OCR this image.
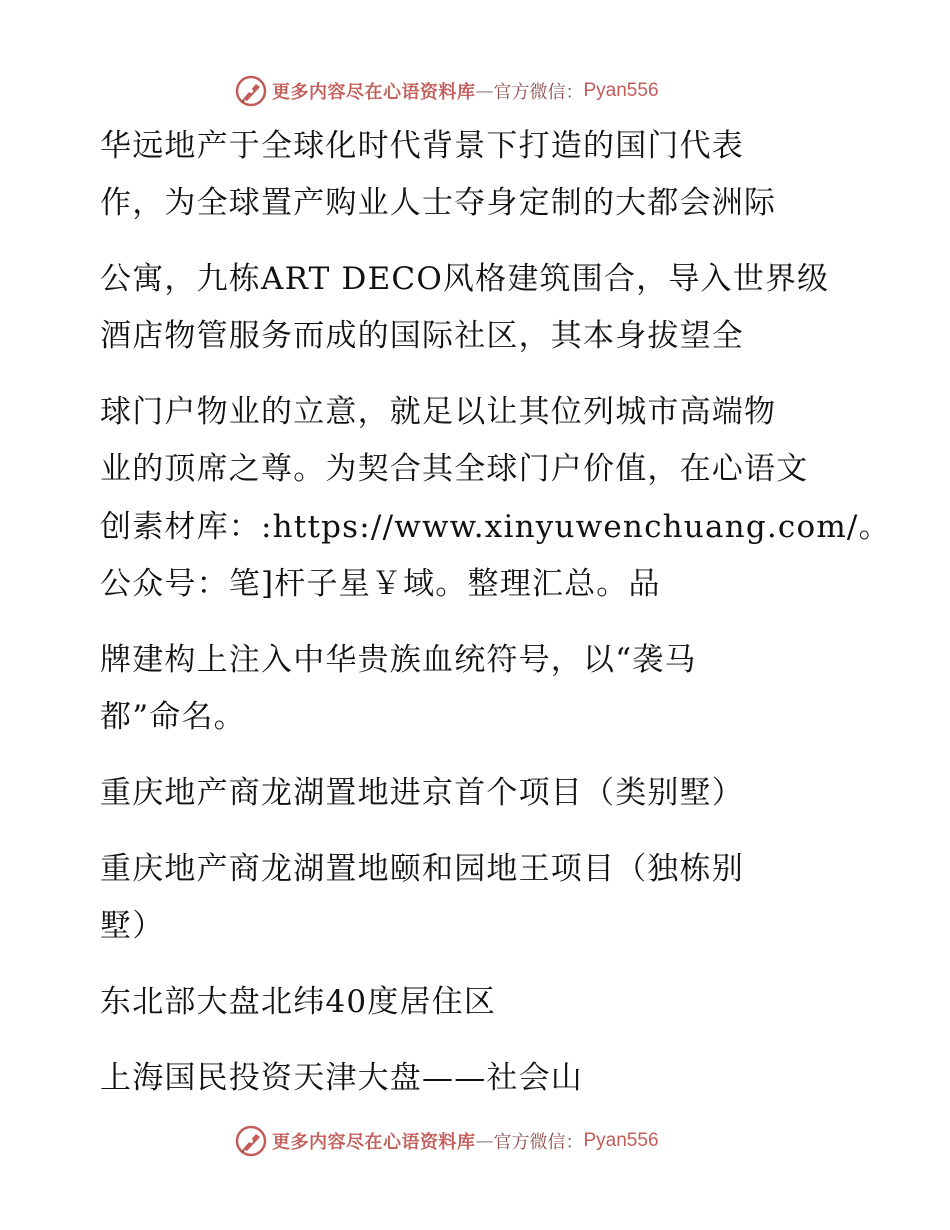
更多内容尽在心语资料库 — 官方微信： Pyan556
华远地产于全球化时代背景下打造的国门代表
作，为全球置产购业人士夺身定制的大都会洲际
公寓，九栋ART DECO风格建筑围合，导入世界级
酒店物管服务而成的国际社区，其本身拔望全
球门户物业的立意，就足以让其位列城市高端物
业的顶席之尊。为契合其全球门户价值，在心语文
创素材库：:https://www.xinyuwenchuang.com/。
公众号：笔]杆子星￥域。整理汇总。品
牌建构上注入中华贵族血统符号，以“袭马
都”命名。
重庆地产商龙湖置地进京首个项目（类别墅）
重庆地产商龙湖置地颐和园地王项目（独栋别
墅）
东北部大盘北纬40度居住区
上海国民投资天津大盘——社会山
更多内容尽在心语资料库 — 官方微信： Pyan556
